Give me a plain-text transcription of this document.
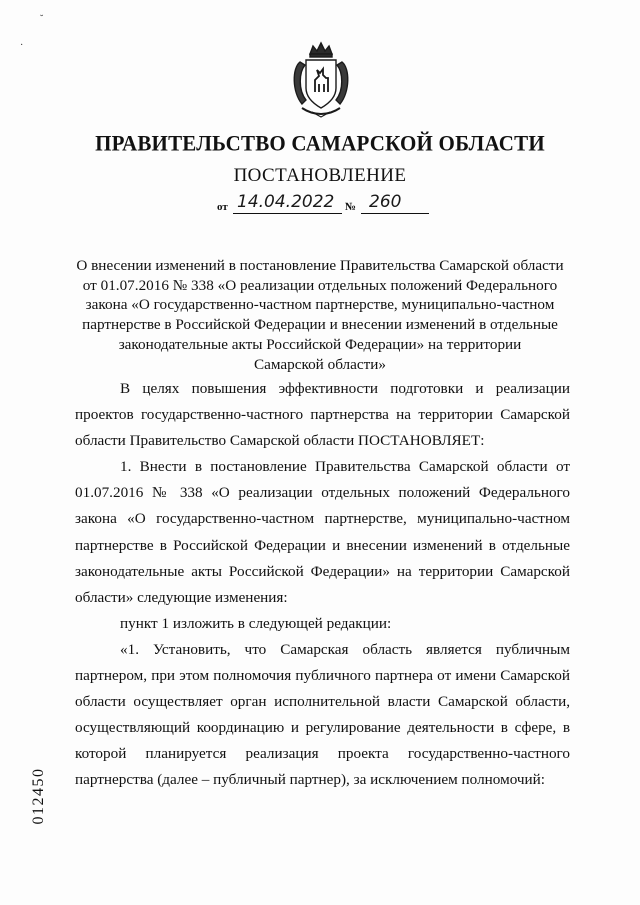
˘
·
ПРАВИТЕЛЬСТВО САМАРСКОЙ ОБЛАСТИ
ПОСТАНОВЛЕНИЕ
от 14.04.2022 № 260
О внесении изменений в постановление Правительства Самарской области
от 01.07.2016 № 338 «О реализации отдельных положений Федерального
закона «О государственно-частном партнерстве, муниципально-частном
партнерстве в Российской Федерации и внесении изменений в отдельные
законодательные акты Российской Федерации» на территории
Самарской области»

В целях повышения эффективности подготовки и реализации проектов государственно-частного партнерства на территории Самарской области Правительство Самарской области ПОСТАНОВЛЯЕТ:

1. Внести в постановление Правительства Самарской области от 01.07.2016 № 338 «О реализации отдельных положений Федерального закона «О государственно-частном партнерстве, муниципально-частном партнерстве в Российской Федерации и внесении изменений в отдельные законодательные акты Российской Федерации» на территории Самарской области» следующие изменения:

пункт 1 изложить в следующей редакции:

«1. Установить, что Самарская область является публичным партнером, при этом полномочия публичного партнера от имени Самарской области осуществляет орган исполнительной власти Самарской области, осуществляющий координацию и регулирование деятельности в сфере, в которой планируется реализация проекта государственно-частного партнерства (далее – публичный партнер), за исключением полномочий:

012450
